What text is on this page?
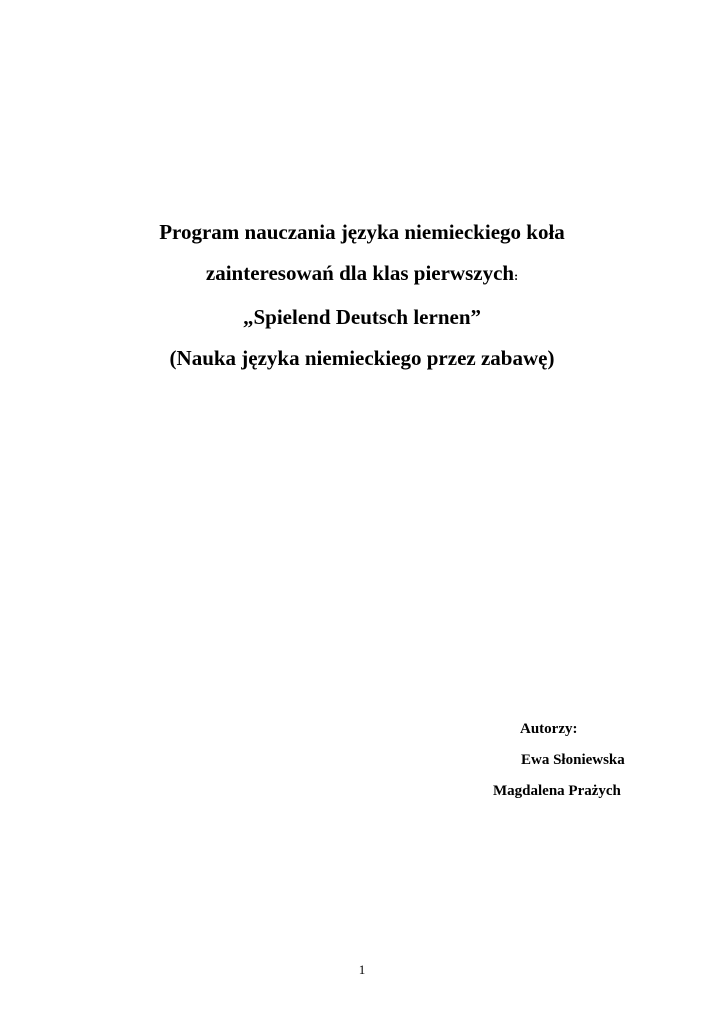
Program nauczania języka niemieckiego koła
zainteresowań dla klas pierwszych:
„Spielend Deutsch lernen”
(Nauka języka niemieckiego przez zabawę)
Autorzy:
Ewa Słoniewska
Magdalena Prażych
1
